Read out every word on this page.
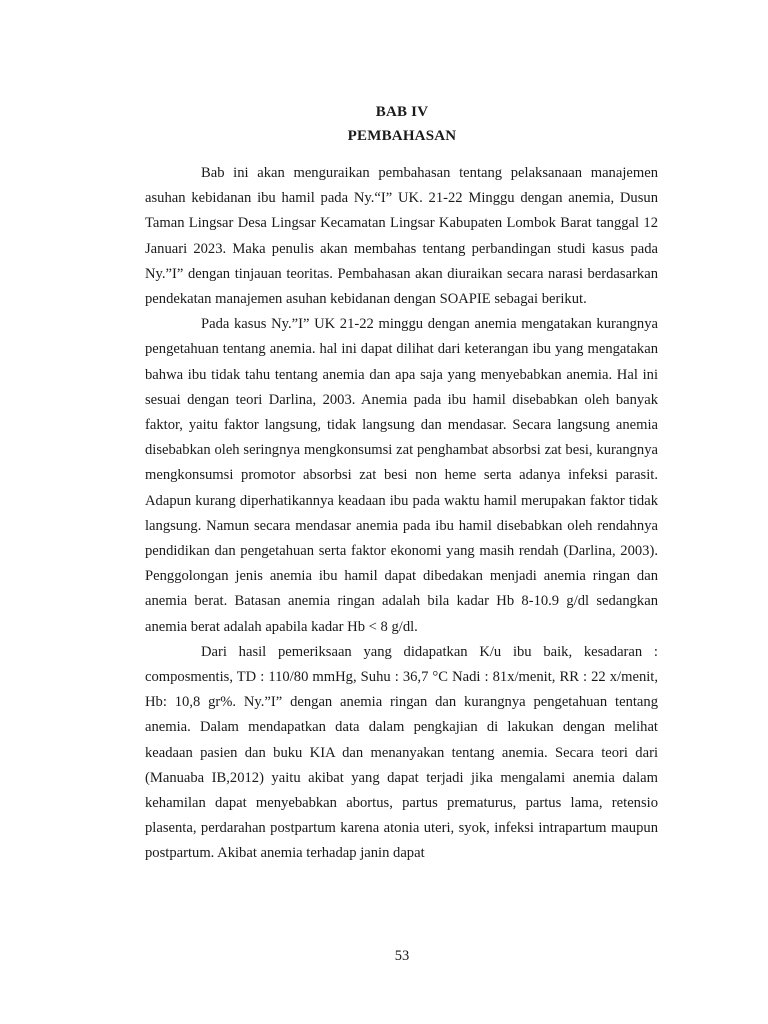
BAB IV
PEMBAHASAN

Bab ini akan menguraikan pembahasan tentang pelaksanaan manajemen asuhan kebidanan ibu hamil pada Ny.“I” UK. 21-22 Minggu dengan anemia, Dusun Taman Lingsar Desa Lingsar Kecamatan Lingsar Kabupaten Lombok Barat tanggal 12 Januari 2023. Maka penulis akan membahas tentang perbandingan studi kasus pada Ny.”I” dengan tinjauan teoritas. Pembahasan akan diuraikan secara narasi berdasarkan pendekatan manajemen asuhan kebidanan dengan SOAPIE sebagai berikut.

Pada kasus Ny.”I” UK 21-22 minggu dengan anemia mengatakan kurangnya pengetahuan tentang anemia. hal ini dapat dilihat dari keterangan ibu yang mengatakan bahwa ibu tidak tahu tentang anemia dan apa saja yang menyebabkan anemia. Hal ini sesuai dengan teori Darlina, 2003. Anemia pada ibu hamil disebabkan oleh banyak faktor, yaitu faktor langsung, tidak langsung dan mendasar. Secara langsung anemia disebabkan oleh seringnya mengkonsumsi zat penghambat absorbsi zat besi, kurangnya mengkonsumsi promotor absorbsi zat besi non heme serta adanya infeksi parasit. Adapun kurang diperhatikannya keadaan ibu pada waktu hamil merupakan faktor tidak langsung. Namun secara mendasar anemia pada ibu hamil disebabkan oleh rendahnya pendidikan dan pengetahuan serta faktor ekonomi yang masih rendah (Darlina, 2003). Penggolongan jenis anemia ibu hamil dapat dibedakan menjadi anemia ringan dan anemia berat. Batasan anemia ringan adalah bila kadar Hb 8-10.9 g/dl sedangkan anemia berat adalah apabila kadar Hb < 8 g/dl.

Dari hasil pemeriksaan yang didapatkan K/u ibu baik, kesadaran : composmentis, TD : 110/80 mmHg, Suhu : 36,7 °C Nadi : 81x/menit, RR : 22 x/menit, Hb: 10,8 gr%. Ny.”I” dengan anemia ringan dan kurangnya pengetahuan tentang anemia. Dalam mendapatkan data dalam pengkajian di lakukan dengan melihat keadaan pasien dan buku KIA dan menanyakan tentang anemia. Secara teori dari (Manuaba IB,2012) yaitu akibat yang dapat terjadi jika mengalami anemia dalam kehamilan dapat menyebabkan abortus, partus prematurus, partus lama, retensio plasenta, perdarahan postpartum karena atonia uteri, syok, infeksi intrapartum maupun postpartum. Akibat anemia terhadap janin dapat

53
